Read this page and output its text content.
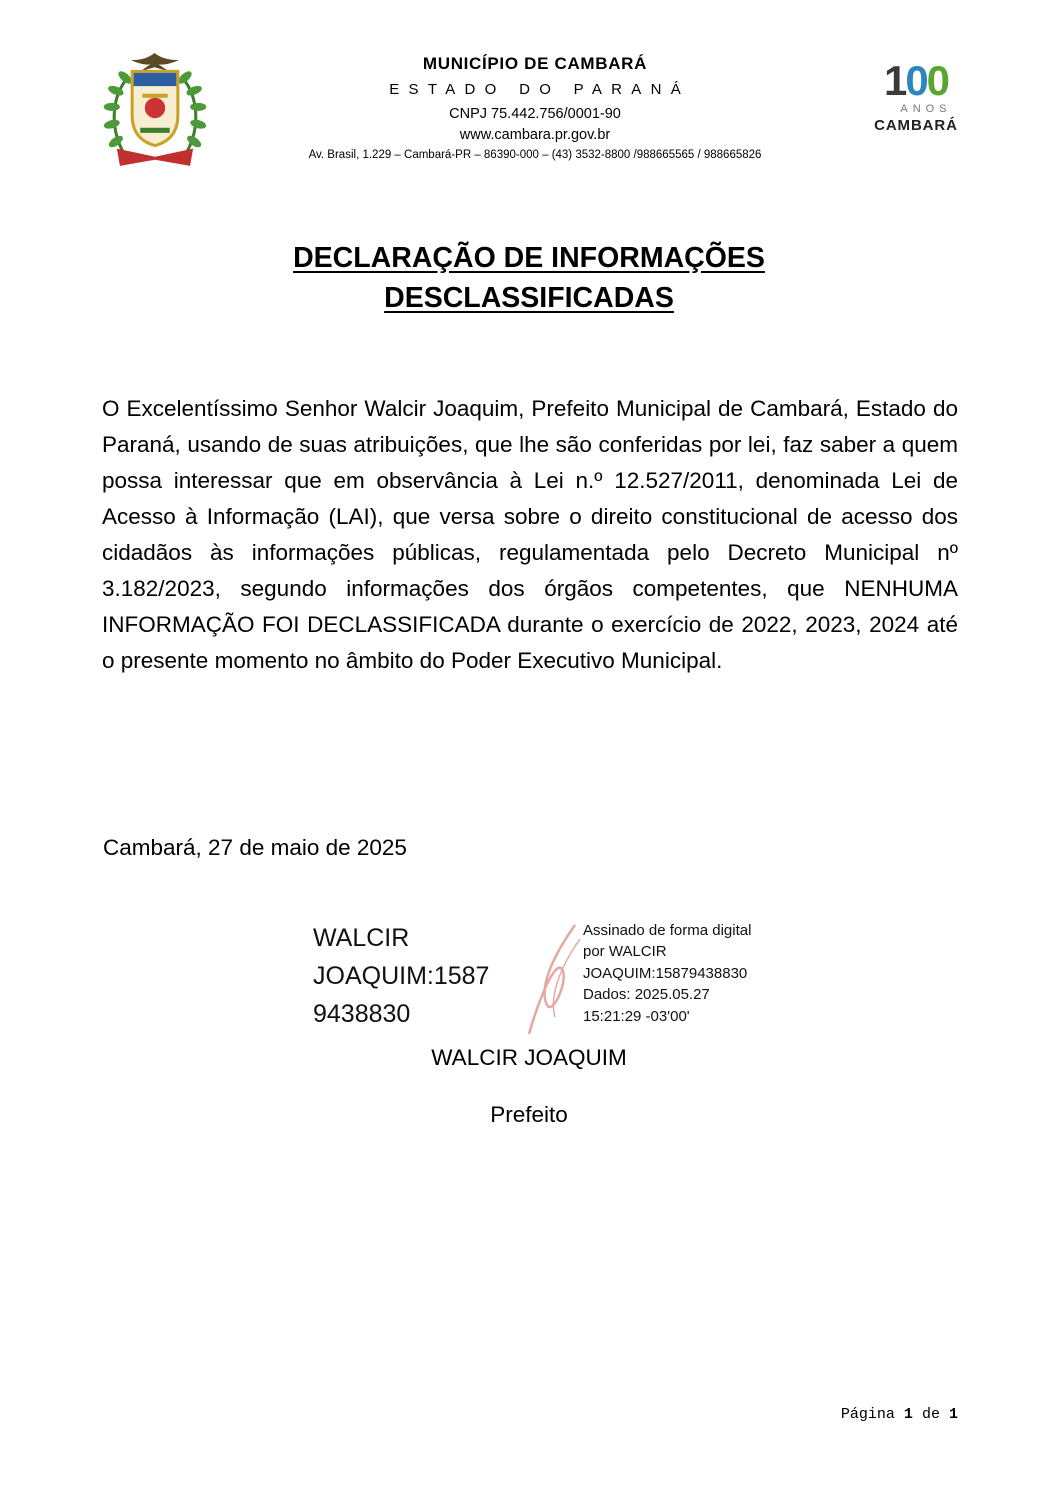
MUNICÍPIO DE CAMBARÁ
ESTADO DO PARANÁ
CNPJ 75.442.756/0001-90
www.cambara.pr.gov.br
Av. Brasil, 1.229 – Cambará-PR – 86390-000 – (43) 3532-8800 /988665565 / 988665826
100
ANOS
CAMBARÁ
DECLARAÇÃO DE INFORMAÇÕES
DESCLASSIFICADAS

O Excelentíssimo Senhor Walcir Joaquim, Prefeito Municipal de Cambará, Estado do Paraná, usando de suas atribuições, que lhe são conferidas por lei, faz saber a quem possa interessar que em observância à Lei n.º 12.527/2011, denominada Lei de Acesso à Informação (LAI), que versa sobre o direito constitucional de acesso dos cidadãos às informações públicas, regulamentada pelo Decreto Municipal nº 3.182/2023, segundo informações dos órgãos competentes, que NENHUMA INFORMAÇÃO FOI DECLASSIFICADA durante o exercício de 2022, 2023, 2024 até o presente momento no âmbito do Poder Executivo Municipal.

Cambará, 27 de maio de 2025

WALCIR
JOAQUIM:1587
9438830
Assinado de forma digital
por WALCIR
JOAQUIM:15879438830
Dados: 2025.05.27
15:21:29 -03'00'

WALCIR JOAQUIM

Prefeito

Página 1 de 1
